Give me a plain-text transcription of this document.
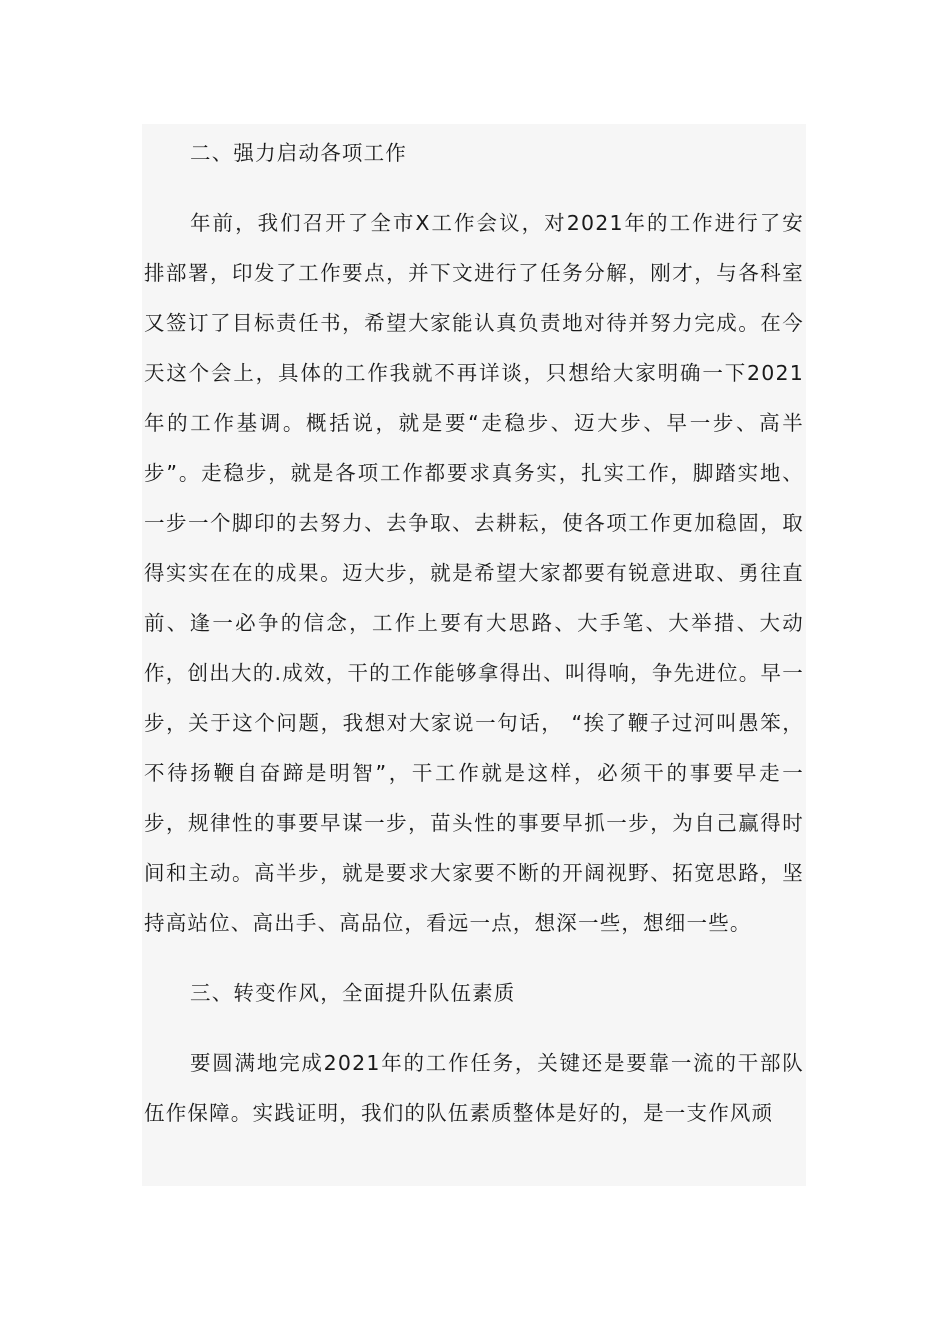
二、强力启动各项工作

年前，我们召开了全市X工作会议，对2021年的工作进行了安排部署，印发了工作要点，并下文进行了任务分解，刚才，与各科室又签订了目标责任书，希望大家能认真负责地对待并努力完成。在今天这个会上，具体的工作我就不再详谈，只想给大家明确一下2021年的工作基调。概括说，就是要“走稳步、迈大步、早一步、高半步”。走稳步，就是各项工作都要求真务实，扎实工作，脚踏实地、一步一个脚印的去努力、去争取、去耕耘，使各项工作更加稳固，取得实实在在的成果。迈大步，就是希望大家都要有锐意进取、勇往直前、逢一必争的信念，工作上要有大思路、大手笔、大举措、大动作，创出大的.成效，干的工作能够拿得出、叫得响，争先进位。早一步，关于这个问题，我想对大家说一句话， “挨了鞭子过河叫愚笨，不待扬鞭自奋蹄是明智”，干工作就是这样，必须干的事要早走一步，规律性的事要早谋一步，苗头性的事要早抓一步，为自己赢得时间和主动。高半步，就是要求大家要不断的开阔视野、拓宽思路，坚持高站位、高出手、高品位，看远一点，想深一些，想细一些。

三、转变作风，全面提升队伍素质

要圆满地完成2021年的工作任务，关键还是要靠一流的干部队伍作保障。实践证明，我们的队伍素质整体是好的，是一支作风顽
